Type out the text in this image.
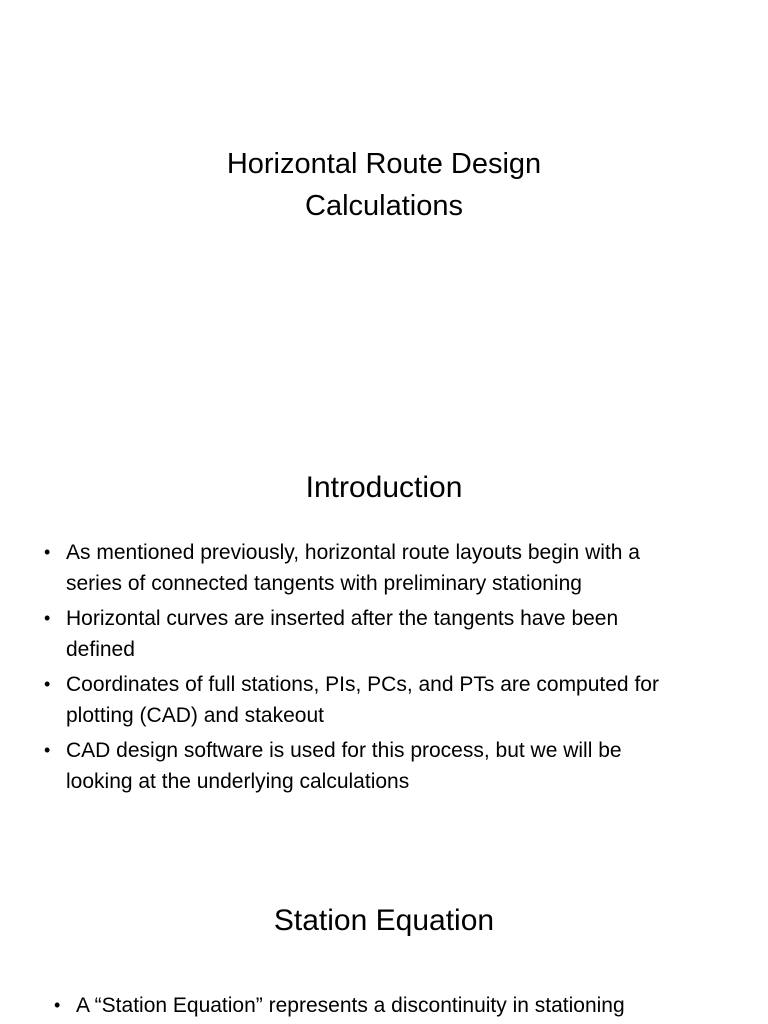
Horizontal Route Design
Calculations
Introduction
• As mentioned previously, horizontal route layouts begin with a
series of connected tangents with preliminary stationing
• Horizontal curves are inserted after the tangents have been
defined
• Coordinates of full stations, PIs, PCs, and PTs are computed for
plotting (CAD) and stakeout
• CAD design software is used for this process, but we will be
looking at the underlying calculations
Station Equation
• A “Station Equation” represents a discontinuity in stationing
